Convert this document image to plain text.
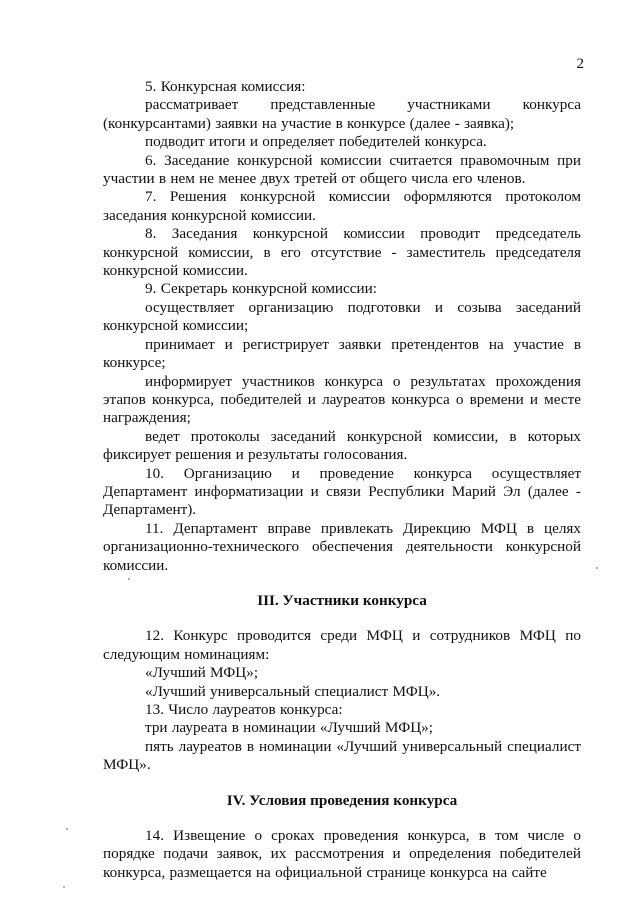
2

5. Конкурсная комиссия:

рассматривает представленные участниками конкурса (конкурсантами) заявки на участие в конкурсе (далее - заявка);

подводит итоги и определяет победителей конкурса.

6. Заседание конкурсной комиссии считается правомочным при участии в нем не менее двух третей от общего числа его членов.

7. Решения конкурсной комиссии оформляются протоколом заседания конкурсной комиссии.

8. Заседания конкурсной комиссии проводит председатель конкурсной комиссии, в его отсутствие - заместитель председателя конкурсной комиссии.

9. Секретарь конкурсной комиссии:

осуществляет организацию подготовки и созыва заседаний конкурсной комиссии;

принимает и регистрирует заявки претендентов на участие в конкурсе;

информирует участников конкурса о результатах прохождения этапов конкурса, победителей и лауреатов конкурса о времени и месте награждения;

ведет протоколы заседаний конкурсной комиссии, в которых фиксирует решения и результаты голосования.

10. Организацию и проведение конкурса осуществляет Департамент информатизации и связи Республики Марий Эл (далее - Департамент).

11. Департамент вправе привлекать Дирекцию МФЦ в целях организационно-технического обеспечения деятельности конкурсной комиссии.

III. Участники конкурса

12. Конкурс проводится среди МФЦ и сотрудников МФЦ по следующим номинациям:

«Лучший МФЦ»;

«Лучший универсальный специалист МФЦ».

13. Число лауреатов конкурса:

три лауреата в номинации «Лучший МФЦ»;

пять лауреатов в номинации «Лучший универсальный специалист МФЦ».

IV. Условия проведения конкурса

14. Извещение о сроках проведения конкурса, в том числе о порядке подачи заявок, их рассмотрения и определения победителей конкурса, размещается на официальной странице конкурса на сайте
